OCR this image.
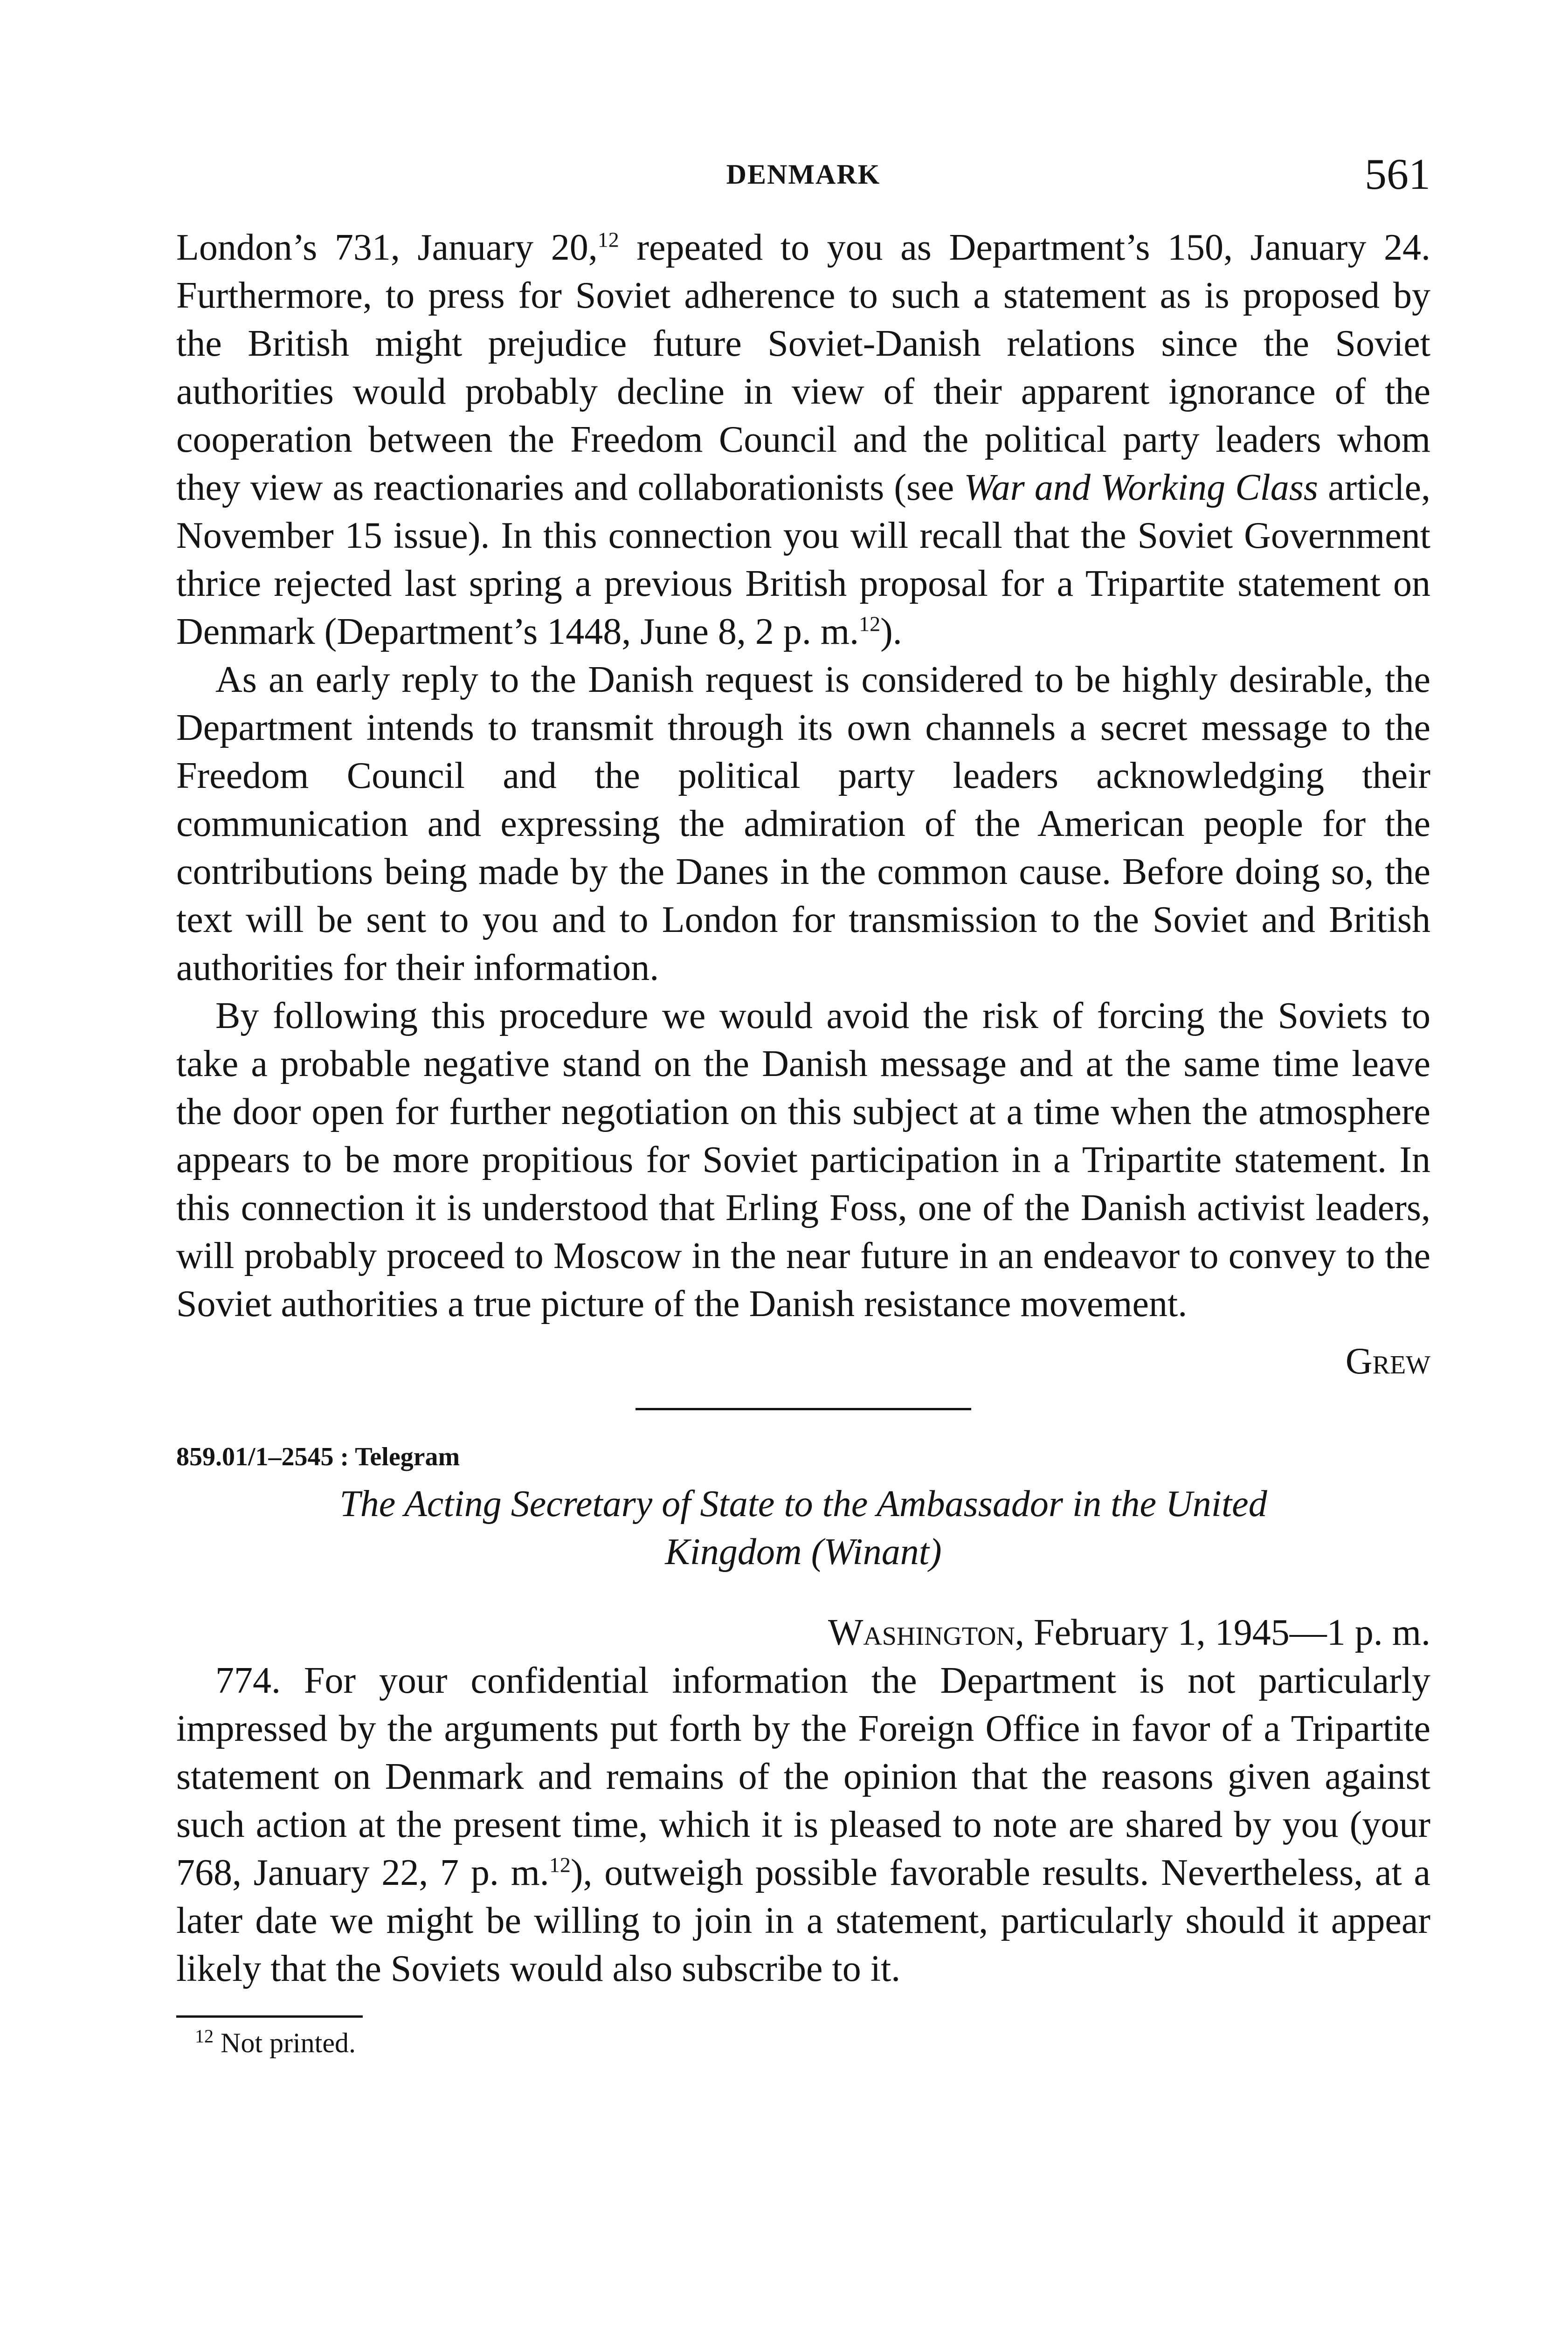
DENMARK	561

London’s 731, January 20,12 repeated to you as Department’s 150, January 24. Furthermore, to press for Soviet adherence to such a statement as is proposed by the British might prejudice future Soviet-Danish relations since the Soviet authorities would probably decline in view of their apparent ignorance of the cooperation between the Freedom Council and the political party leaders whom they view as reactionaries and collaborationists (see War and Working Class article, November 15 issue). In this connection you will recall that the Soviet Government thrice rejected last spring a previous British proposal for a Tripartite statement on Denmark (Department’s 1448, June 8, 2 p. m.$^{12}$).

As an early reply to the Danish request is considered to be highly desirable, the Department intends to transmit through its own channels a secret message to the Freedom Council and the political party leaders acknowledging their communication and expressing the admiration of the American people for the contributions being made by the Danes in the common cause. Before doing so, the text will be sent to you and to London for transmission to the Soviet and British authorities for their information.

By following this procedure we would avoid the risk of forcing the Soviets to take a probable negative stand on the Danish message and at the same time leave the door open for further negotiation on this subject at a time when the atmosphere appears to be more propitious for Soviet participation in a Tripartite statement. In this connection it is understood that Erling Foss, one of the Danish activist leaders, will probably proceed to Moscow in the near future in an endeavor to convey to the Soviet authorities a true picture of the Danish resistance movement.

Grew
859.01/1–2545 : Telegram
The Acting Secretary of State to the Ambassador in the United
Kingdom (Winant)
Washington, February 1, 1945—1 p. m.

774. For your confidential information the Department is not particularly impressed by the arguments put forth by the Foreign Office in favor of a Tripartite statement on Denmark and remains of the opinion that the reasons given against such action at the present time, which it is pleased to note are shared by you (your 768, January 22, 7 p. m.$^{12}$), outweigh possible favorable results. Nevertheless, at a later date we might be willing to join in a statement, particularly should it appear likely that the Soviets would also subscribe to it.

$^{12}$ Not printed.
